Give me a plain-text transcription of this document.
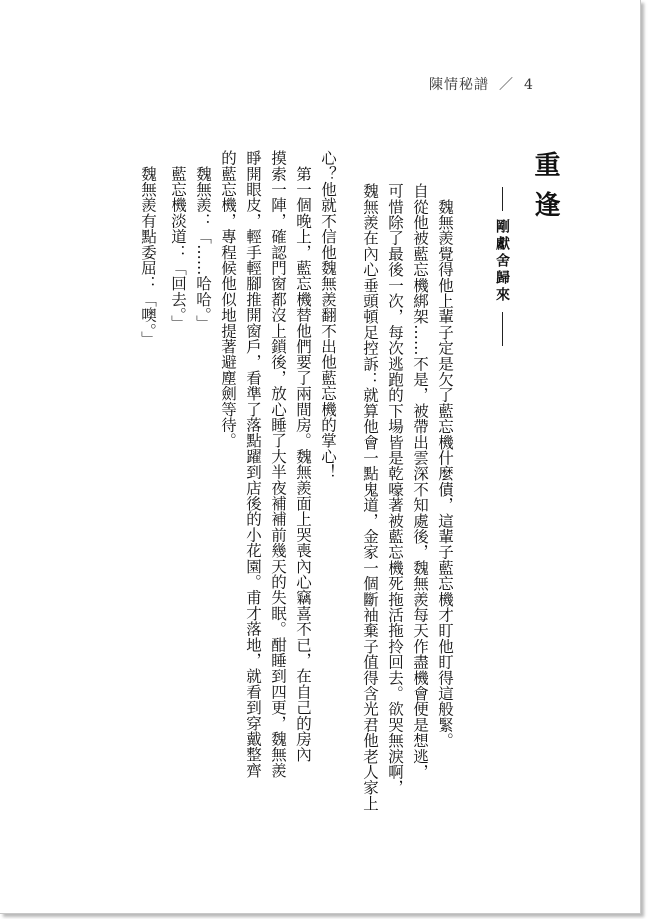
陳情秘譜 ／ 4
重逢
剛獻舍歸來
　魏無羨覺得他上輩子定是欠了藍忘機什麼債，這輩子藍忘機才盯他盯得這般緊。
自從他被藍忘機綁架……不是，被帶出雲深不知處後，魏無羨每天作盡機會便是想逃，
可惜除了最後一次，每次逃跑的下場皆是乾嚎著被藍忘機死拖活拖拎回去。欲哭無淚啊，
魏無羨在內心垂頭頓足控訴：就算他會一點鬼道，金家一個斷袖棄子值得含光君他老人家上
心？他就不信他魏無羨翻不出他藍忘機的掌心！
　第一個晚上，藍忘機替他們要了兩間房。魏無羨面上哭喪內心竊喜不已，在自己的房內
摸索一陣，確認門窗都沒上鎖後，放心睡了大半夜補補前幾天的失眠。酣睡到四更，魏無羨
睜開眼皮，輕手輕腳推開窗戶，看準了落點躍到店後的小花園。甫才落地，就看到穿戴整齊
的藍忘機，專程候他似地提著避塵劍等待。
　魏無羨：「……哈哈。」
　藍忘機淡道：「回去。」
　魏無羨有點委屈：「噢。」
